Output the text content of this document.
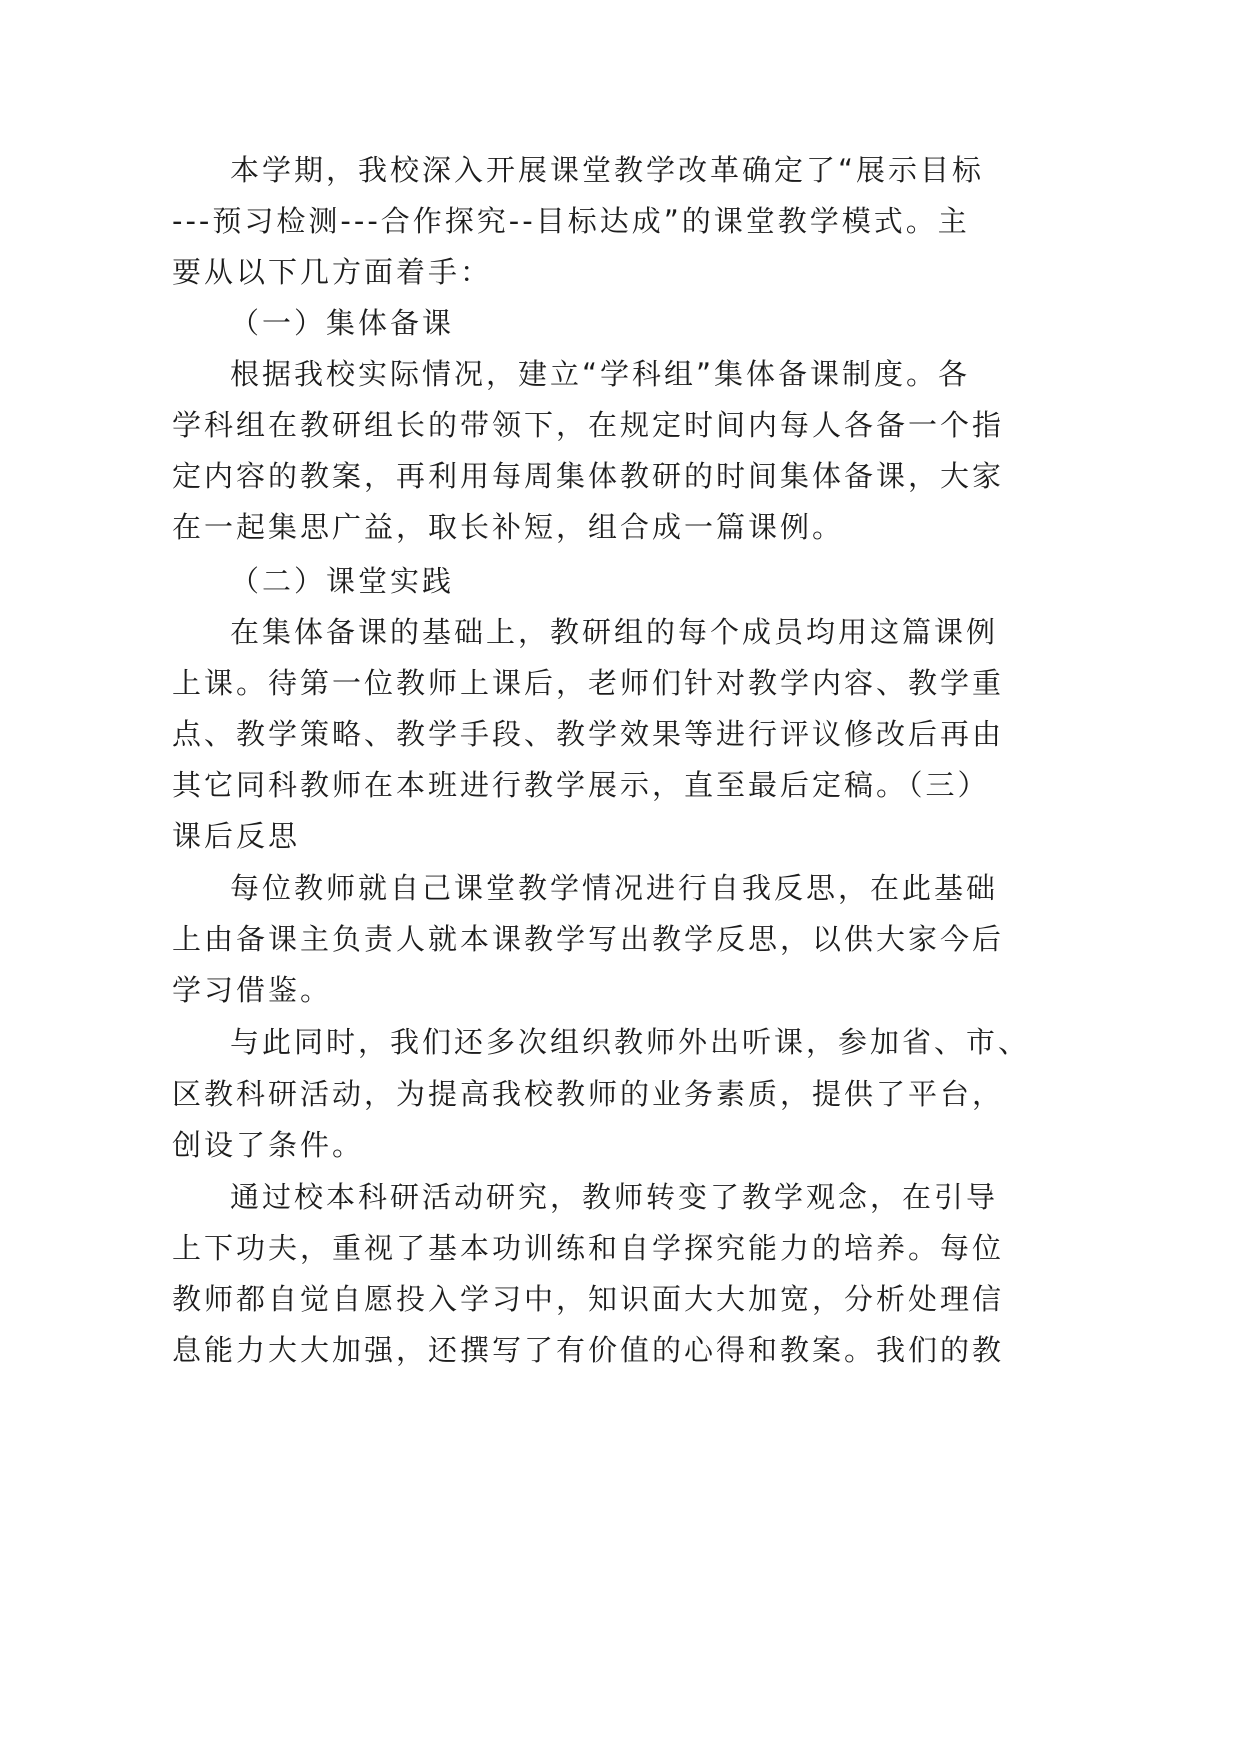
本学期，我校深入开展课堂教学改革确定了“展示目标
---预习检测---合作探究--目标达成”的课堂教学模式。主
要从以下几方面着手：
（一）集体备课
根据我校实际情况，建立“学科组”集体备课制度。各
学科组在教研组长的带领下，在规定时间内每人各备一个指
定内容的教案，再利用每周集体教研的时间集体备课，大家
在一起集思广益，取长补短，组合成一篇课例。
（二）课堂实践
在集体备课的基础上，教研组的每个成员均用这篇课例
上课。待第一位教师上课后，老师们针对教学内容、教学重
点、教学策略、教学手段、教学效果等进行评议修改后再由
其它同科教师在本班进行教学展示，直至最后定稿。（三）
课后反思
每位教师就自己课堂教学情况进行自我反思，在此基础
上由备课主负责人就本课教学写出教学反思，以供大家今后
学习借鉴。
与此同时，我们还多次组织教师外出听课，参加省、市、
区教科研活动，为提高我校教师的业务素质，提供了平台，
创设了条件。
通过校本科研活动研究，教师转变了教学观念，在引导
上下功夫，重视了基本功训练和自学探究能力的培养。每位
教师都自觉自愿投入学习中，知识面大大加宽，分析处理信
息能力大大加强，还撰写了有价值的心得和教案。我们的教
